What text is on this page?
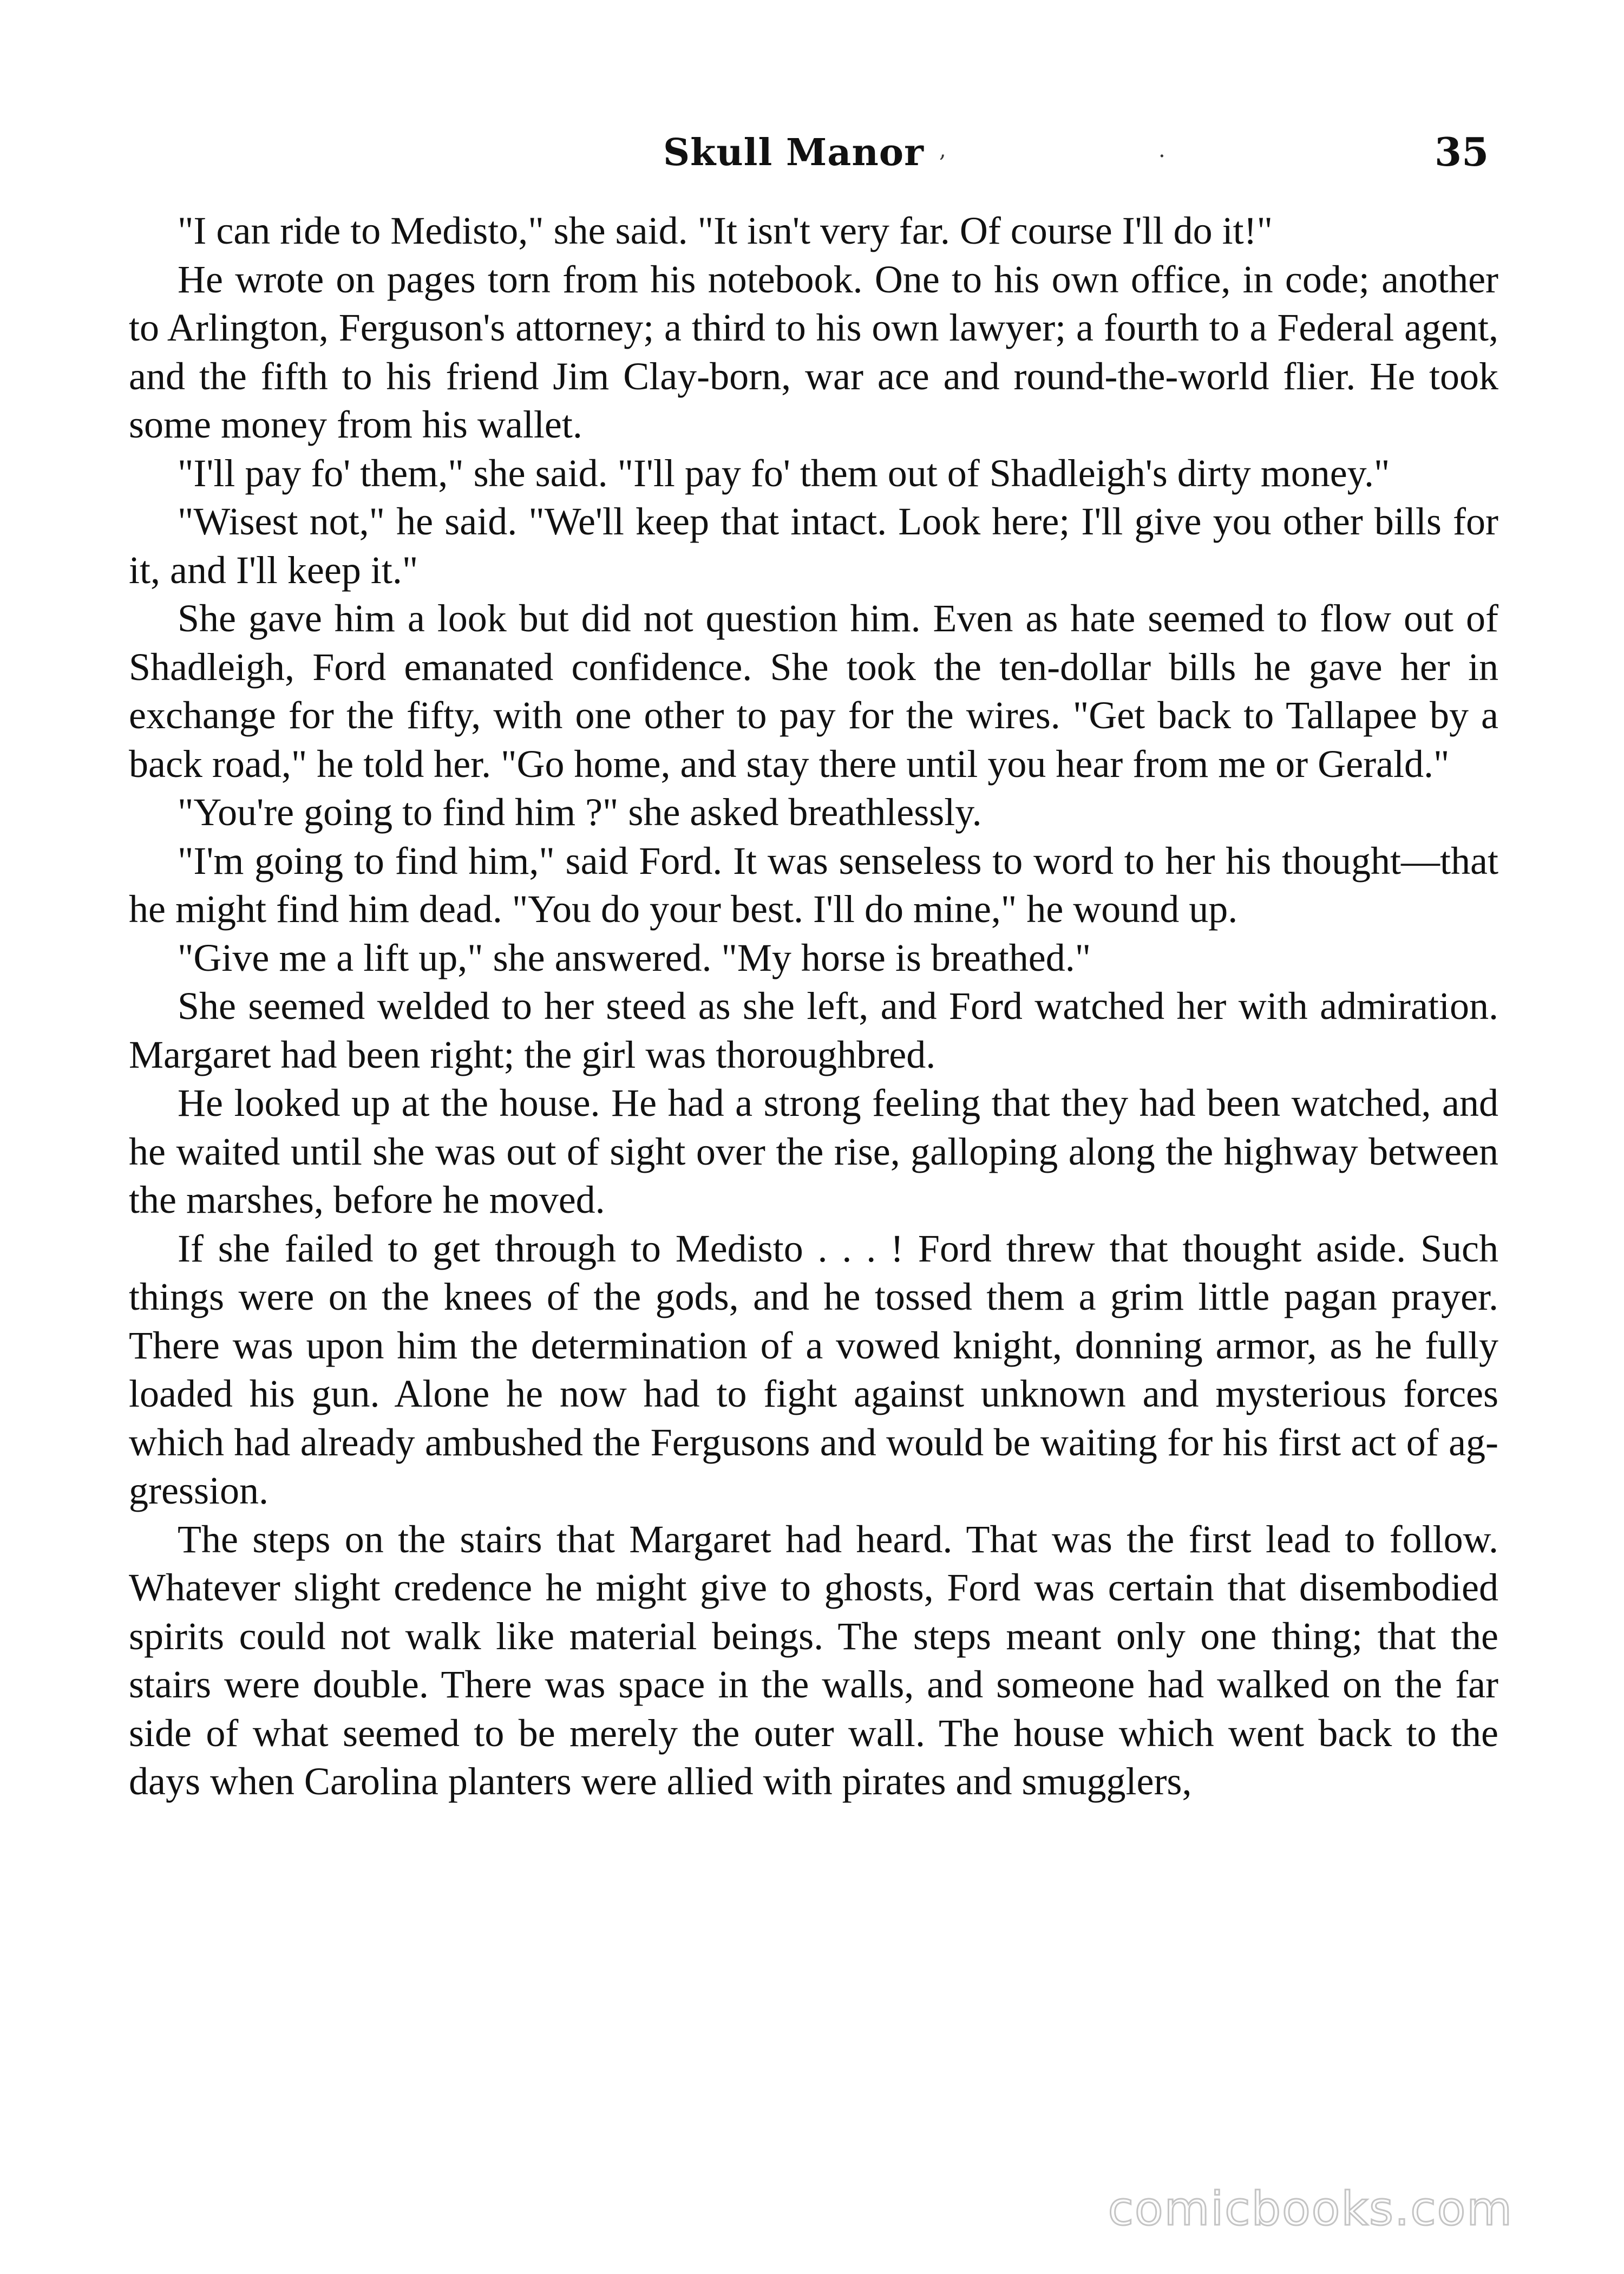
Skull Manor ,	.	35

"I can ride to Medisto," she said. "It isn't very far. Of course I'll do it!"

He wrote on pages torn from his notebook. One to his own office, in code; another to Arlington, Ferguson's attorney; a third to his own lawyer; a fourth to a Federal agent, and the fifth to his friend Jim Clay-born, war ace and round-the-world flier. He took some money from his wallet.

"I'll pay fo' them," she said. "I'll pay fo' them out of Shadleigh's dirty money."

"Wisest not," he said. "We'll keep that intact. Look here; I'll give you other bills for it, and I'll keep it."

She gave him a look but did not question him. Even as hate seemed to flow out of Shadleigh, Ford emanated confidence. She took the ten-dollar bills he gave her in exchange for the fifty, with one other to pay for the wires. "Get back to Tallapee by a back road," he told her. "Go home, and stay there until you hear from me or Gerald."

"You're going to find him ?" she asked breathlessly.

"I'm going to find him," said Ford. It was senseless to word to her his thought—that he might find him dead. "You do your best. I'll do mine," he wound up.

"Give me a lift up," she answered. "My horse is breathed."

She seemed welded to her steed as she left, and Ford watched her with admiration. Margaret had been right; the girl was thoroughbred.

He looked up at the house. He had a strong feeling that they had been watched, and he waited until she was out of sight over the rise, galloping along the highway between the marshes, before he moved.

If she failed to get through to Medisto . . . ! Ford threw that thought aside. Such things were on the knees of the gods, and he tossed them a grim little pagan prayer. There was upon him the determination of a vowed knight, donning armor, as he fully loaded his gun. Alone he now had to fight against unknown and mysterious forces which had already ambushed the Fergusons and would be waiting for his first act of ag-gression.

The steps on the stairs that Margaret had heard. That was the first lead to follow. Whatever slight credence he might give to ghosts, Ford was certain that disembodied spirits could not walk like material beings. The steps meant only one thing; that the stairs were double. There was space in the walls, and someone had walked on the far side of what seemed to be merely the outer wall. The house which went back to the days when Carolina planters were allied with pirates and smugglers,

comicbooks.com
